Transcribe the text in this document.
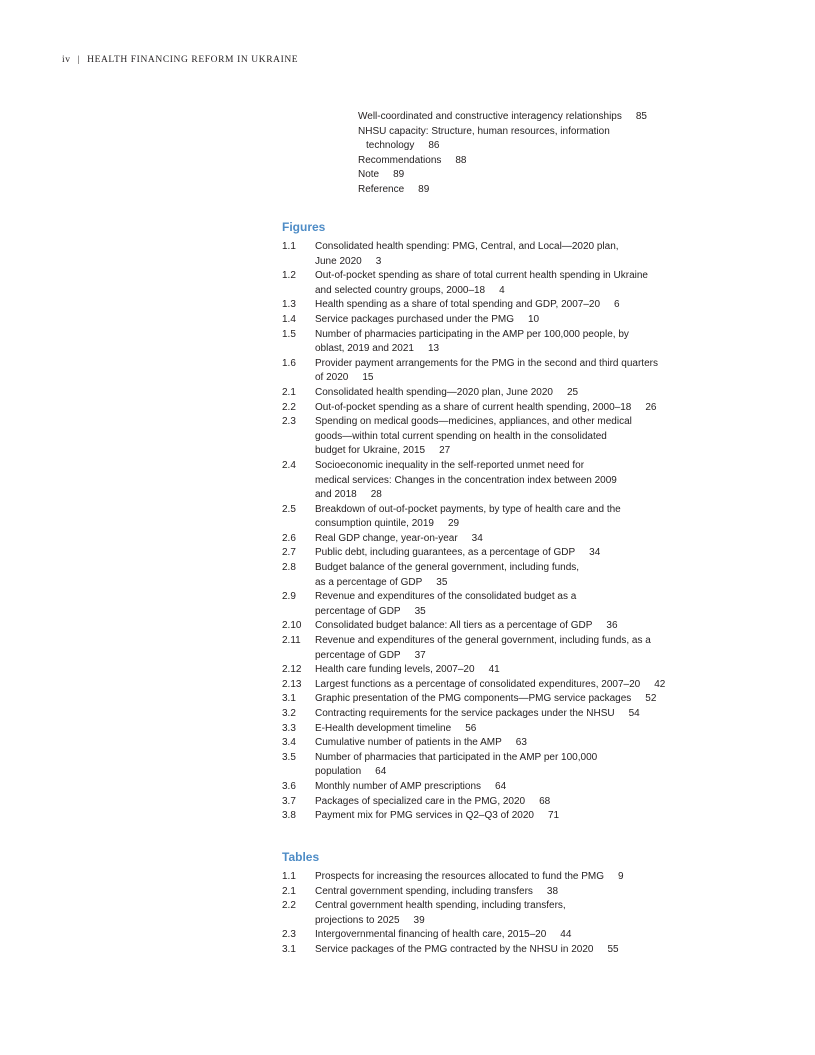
iv | HEALTH FINANCING REFORM IN UKRAINE
Well-coordinated and constructive interagency relationships 85
NHSU capacity: Structure, human resources, information
technology 86
Recommendations 88
Note 89
Reference 89
Figures
1.1	Consolidated health spending: PMG, Central, and Local—2020 plan,
June 2020 3
1.2	Out-of-pocket spending as share of total current health spending in Ukraine
and selected country groups, 2000–18 4
1.3	Health spending as a share of total spending and GDP, 2007–20 6
1.4	Service packages purchased under the PMG 10
1.5	Number of pharmacies participating in the AMP per 100,000 people, by
oblast, 2019 and 2021 13
1.6	Provider payment arrangements for the PMG in the second and third quarters
of 2020 15
2.1	Consolidated health spending—2020 plan, June 2020 25
2.2	Out-of-pocket spending as a share of current health spending, 2000–18 26
2.3	Spending on medical goods—medicines, appliances, and other medical
goods—within total current spending on health in the consolidated
budget for Ukraine, 2015 27
2.4	Socioeconomic inequality in the self-reported unmet need for
medical services: Changes in the concentration index between 2009
and 2018 28
2.5	Breakdown of out-of-pocket payments, by type of health care and the
consumption quintile, 2019 29
2.6	Real GDP change, year-on-year 34
2.7	Public debt, including guarantees, as a percentage of GDP 34
2.8	Budget balance of the general government, including funds,
as a percentage of GDP 35
2.9	Revenue and expenditures of the consolidated budget as a
percentage of GDP 35
2.10	Consolidated budget balance: All tiers as a percentage of GDP 36
2.11	Revenue and expenditures of the general government, including funds, as a
percentage of GDP 37
2.12	Health care funding levels, 2007–20 41
2.13	Largest functions as a percentage of consolidated expenditures, 2007–20 42
3.1	Graphic presentation of the PMG components—PMG service packages 52
3.2	Contracting requirements for the service packages under the NHSU 54
3.3	E-Health development timeline 56
3.4	Cumulative number of patients in the AMP 63
3.5	Number of pharmacies that participated in the AMP per 100,000
population 64
3.6	Monthly number of AMP prescriptions 64
3.7	Packages of specialized care in the PMG, 2020 68
3.8	Payment mix for PMG services in Q2–Q3 of 2020 71
Tables
1.1	Prospects for increasing the resources allocated to fund the PMG 9
2.1	Central government spending, including transfers 38
2.2	Central government health spending, including transfers,
projections to 2025 39
2.3	Intergovernmental financing of health care, 2015–20 44
3.1	Service packages of the PMG contracted by the NHSU in 2020 55
